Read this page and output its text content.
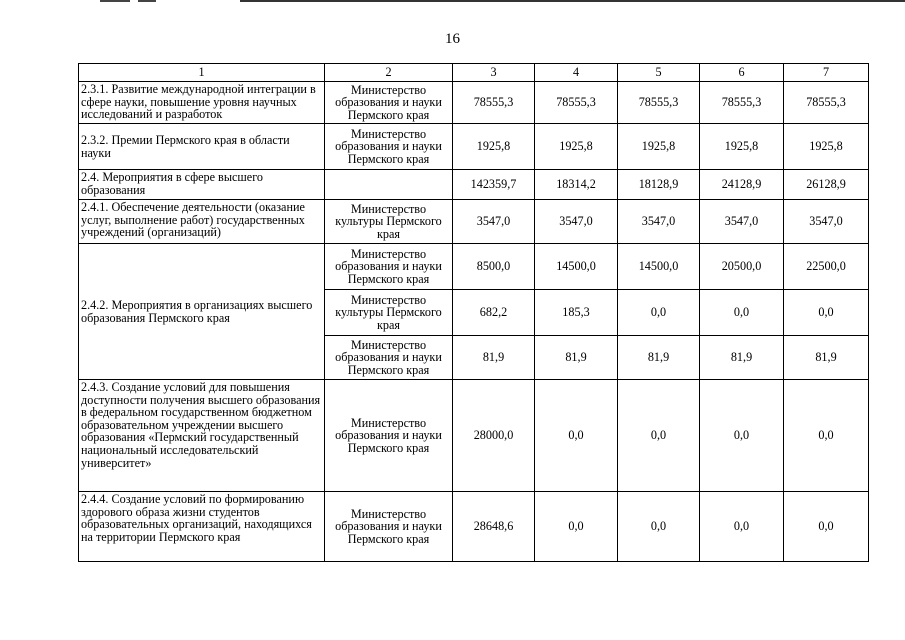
16
1	2	3	4	5	6	7
2.3.1. Развитие международной интеграции в сфере науки, повышение уровня научных исследований и разработок	Министерство образования и науки Пермского края	78555,3	78555,3	78555,3	78555,3	78555,3
2.3.2. Премии Пермского края в области науки	Министерство образования и науки Пермского края	1925,8	1925,8	1925,8	1925,8	1925,8
2.4. Мероприятия в сфере высшего образования		142359,7	18314,2	18128,9	24128,9	26128,9
2.4.1. Обеспечение деятельности (оказание услуг, выполнение работ) государственных учреждений (организаций)	Министерство культуры Пермского края	3547,0	3547,0	3547,0	3547,0	3547,0
2.4.2. Мероприятия в организациях высшего образования Пермского края	Министерство образования и науки Пермского края	8500,0	14500,0	14500,0	20500,0	22500,0
	Министерство культуры Пермского края	682,2	185,3	0,0	0,0	0,0
	Министерство образования и науки Пермского края	81,9	81,9	81,9	81,9	81,9
2.4.3. Создание условий для повышения доступности получения высшего образования в федеральном государственном бюджетном образовательном учреждении высшего образования «Пермский государственный национальный исследовательский университет»	Министерство образования и науки Пермского края	28000,0	0,0	0,0	0,0	0,0
2.4.4. Создание условий по формированию здорового образа жизни студентов образовательных организаций, находящихся на территории Пермского края	Министерство образования и науки Пермского края	28648,6	0,0	0,0	0,0	0,0
